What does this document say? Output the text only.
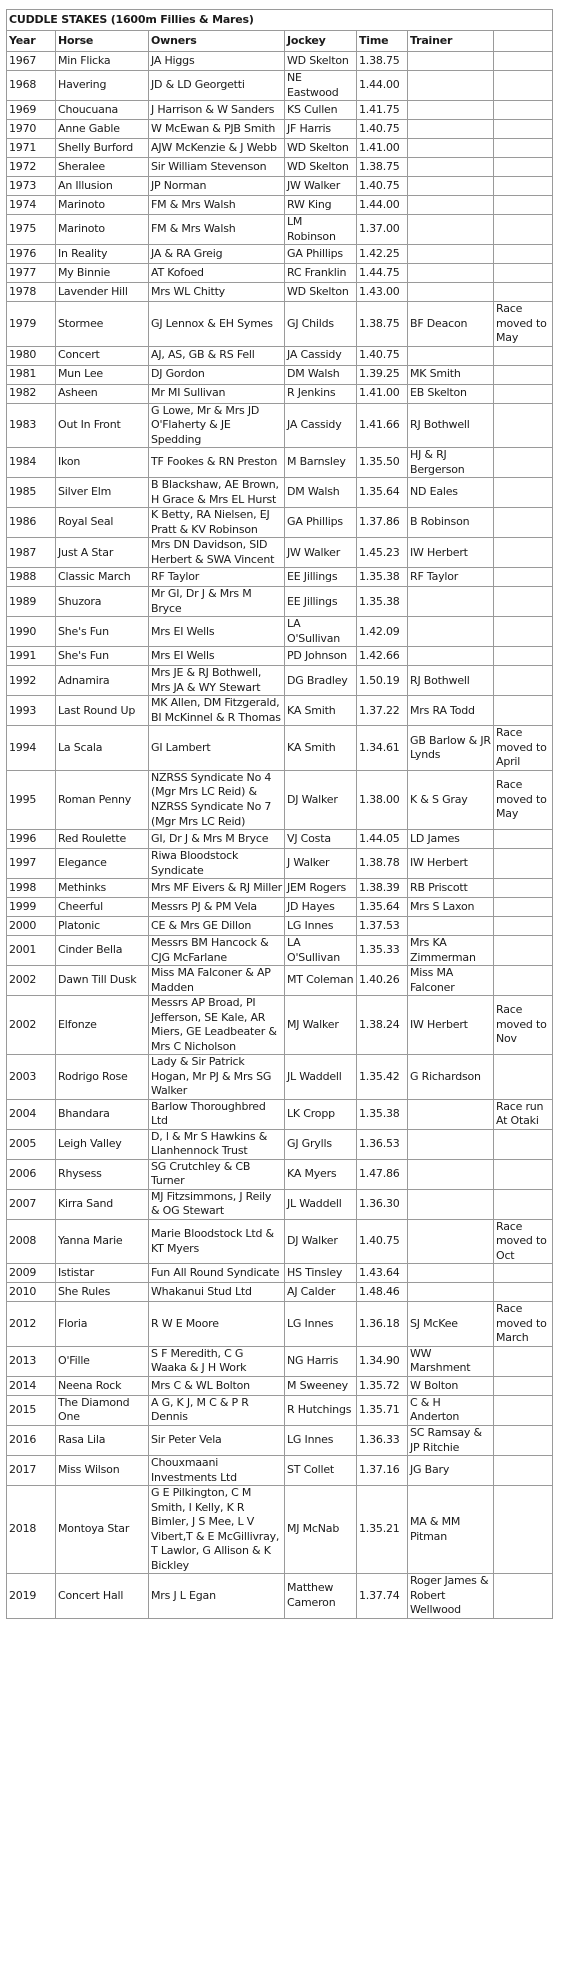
CUDDLE STAKES (1600m Fillies & Mares)
Year	Horse	Owners	Jockey	Time	Trainer	
1967	Min Flicka	JA Higgs	WD Skelton	1.38.75		
1968	Havering	JD & LD Georgetti	NE Eastwood	1.44.00		
1969	Choucuana	J Harrison & W Sanders	KS Cullen	1.41.75		
1970	Anne Gable	W McEwan & PJB Smith	JF Harris	1.40.75		
1971	Shelly Burford	AJW McKenzie & J Webb	WD Skelton	1.41.00		
1972	Sheralee	Sir William Stevenson	WD Skelton	1.38.75		
1973	An Illusion	JP Norman	JW Walker	1.40.75		
1974	Marinoto	FM & Mrs Walsh	RW King	1.44.00		
1975	Marinoto	FM & Mrs Walsh	LM Robinson	1.37.00		
1976	In Reality	JA & RA Greig	GA Phillips	1.42.25		
1977	My Binnie	AT Kofoed	RC Franklin	1.44.75		
1978	Lavender Hill	Mrs WL Chitty	WD Skelton	1.43.00		
1979	Stormee	GJ Lennox & EH Symes	GJ Childs	1.38.75	BF Deacon	Race moved to May
1980	Concert	AJ, AS, GB & RS Fell	JA Cassidy	1.40.75		
1981	Mun Lee	DJ Gordon	DM Walsh	1.39.25	MK Smith	
1982	Asheen	Mr MI Sullivan	R Jenkins	1.41.00	EB Skelton	
1983	Out In Front	G Lowe, Mr & Mrs JD O'Flaherty & JE Spedding	JA Cassidy	1.41.66	RJ Bothwell	
1984	Ikon	TF Fookes & RN Preston	M Barnsley	1.35.50	HJ & RJ Bergerson	
1985	Silver Elm	B Blackshaw, AE Brown, H Grace & Mrs EL Hurst	DM Walsh	1.35.64	ND Eales	
1986	Royal Seal	K Betty, RA Nielsen, EJ Pratt & KV Robinson	GA Phillips	1.37.86	B Robinson	
1987	Just A Star	Mrs DN Davidson, SID Herbert & SWA Vincent	JW Walker	1.45.23	IW Herbert	
1988	Classic March	RF Taylor	EE Jillings	1.35.38	RF Taylor	
1989	Shuzora	Mr GI, Dr J & Mrs M Bryce	EE Jillings	1.35.38		
1990	She's Fun	Mrs EI Wells	LA O'Sullivan	1.42.09		
1991	She's Fun	Mrs EI Wells	PD Johnson	1.42.66		
1992	Adnamira	Mrs JE & RJ Bothwell, Mrs JA & WY Stewart	DG Bradley	1.50.19	RJ Bothwell	
1993	Last Round Up	MK Allen, DM Fitzgerald, BI McKinnel & R Thomas	KA Smith	1.37.22	Mrs RA Todd	
1994	La Scala	GI Lambert	KA Smith	1.34.61	GB Barlow & JR Lynds	Race moved to April
1995	Roman Penny	NZRSS Syndicate No 4 (Mgr Mrs LC Reid) & NZRSS Syndicate No 7 (Mgr Mrs LC Reid)	DJ Walker	1.38.00	K & S Gray	Race moved to May
1996	Red Roulette	GI, Dr J & Mrs M Bryce	VJ Costa	1.44.05	LD James	
1997	Elegance	Riwa Bloodstock Syndicate	J Walker	1.38.78	IW Herbert	
1998	Methinks	Mrs MF Eivers & RJ Miller	JEM Rogers	1.38.39	RB Priscott	
1999	Cheerful	Messrs PJ & PM Vela	JD Hayes	1.35.64	Mrs S Laxon	
2000	Platonic	CE & Mrs GE Dillon	LG Innes	1.37.53		
2001	Cinder Bella	Messrs BM Hancock & CJG McFarlane	LA O'Sullivan	1.35.33	Mrs KA Zimmerman	
2002	Dawn Till Dusk	Miss MA Falconer & AP Madden	MT Coleman	1.40.26	Miss MA Falconer	
2002	Elfonze	Messrs AP Broad, PI Jefferson, SE Kale, AR Miers, GE Leadbeater & Mrs C Nicholson	MJ Walker	1.38.24	IW Herbert	Race moved to Nov
2003	Rodrigo Rose	Lady & Sir Patrick Hogan, Mr PJ & Mrs SG Walker	JL Waddell	1.35.42	G Richardson	
2004	Bhandara	Barlow Thoroughbred Ltd	LK Cropp	1.35.38		Race run At Otaki
2005	Leigh Valley	D, l & Mr S Hawkins & Llanhennock Trust	GJ Grylls	1.36.53		
2006	Rhysess	SG Crutchley & CB Turner	KA Myers	1.47.86		
2007	Kirra Sand	MJ Fitzsimmons, J Reily & OG Stewart	JL Waddell	1.36.30		
2008	Yanna Marie	Marie Bloodstock Ltd & KT Myers	DJ Walker	1.40.75		Race moved to Oct
2009	Ististar	Fun All Round Syndicate	HS Tinsley	1.43.64		
2010	She Rules	Whakanui Stud Ltd	AJ Calder	1.48.46		
2012	Floria	R W E Moore	LG Innes	1.36.18	SJ McKee	Race moved to March
2013	O'Fille	S F Meredith, C G Waaka & J H Work	NG Harris	1.34.90	WW Marshment	
2014	Neena Rock	Mrs C & WL Bolton	M Sweeney	1.35.72	W Bolton	
2015	The Diamond One	A G, K J, M C & P R Dennis	R Hutchings	1.35.71	C & H Anderton	
2016	Rasa Lila	Sir Peter Vela	LG Innes	1.36.33	SC Ramsay & JP Ritchie	
2017	Miss Wilson	Chouxmaani Investments Ltd	ST Collet	1.37.16	JG Bary	
2018	Montoya Star	G E Pilkington, C M Smith, I Kelly, K R Bimler, J S Mee, L V Vibert,T & E McGillivray, T Lawlor, G Allison & K Bickley	MJ McNab	1.35.21	MA & MM Pitman	
2019	Concert Hall	Mrs J L Egan	Matthew Cameron	1.37.74	Roger James & Robert Wellwood	
